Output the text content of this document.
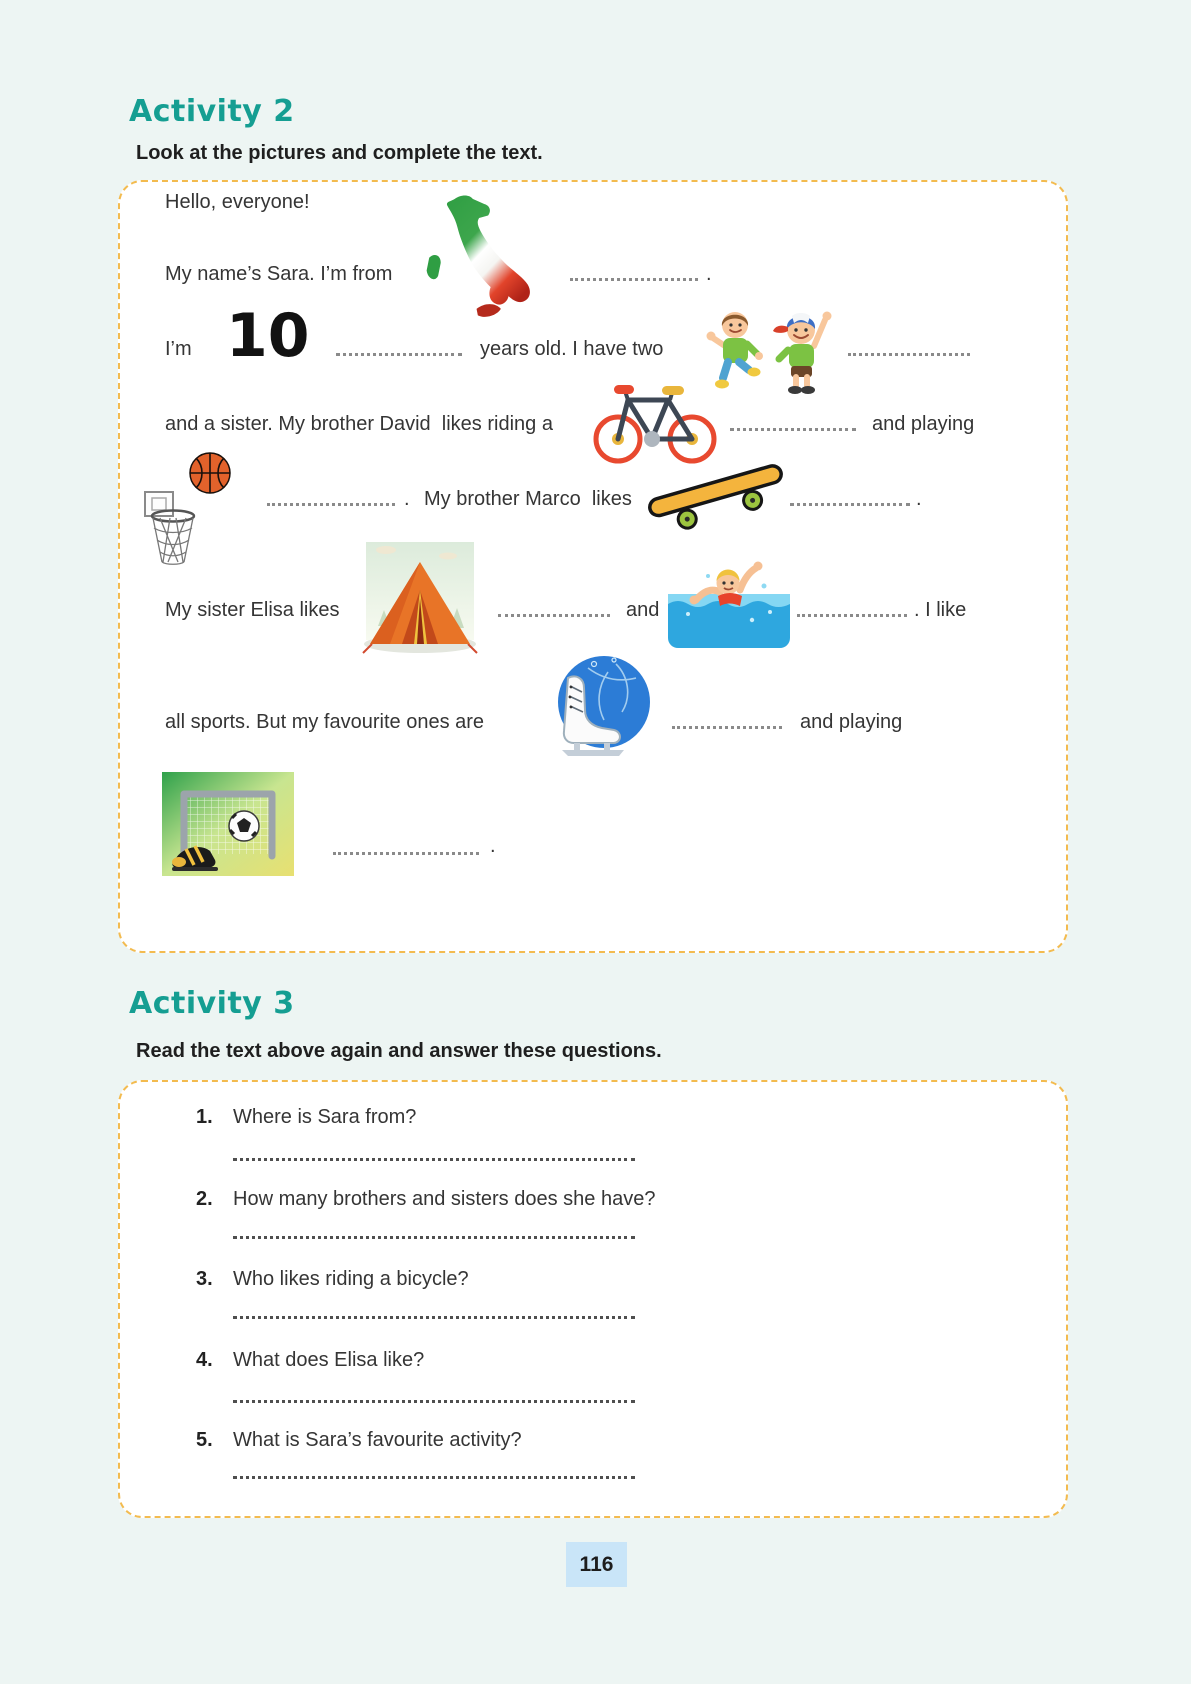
Activity 2
Look at the pictures and complete the text.
Hello, everyone!
My name’s Sara. I’m from	.
I’m 10	years old. I have two
and a sister. My brother David  likes riding a	and playing
. My brother Marco  likes	.
My sister Elisa likes	and	. I like
all sports. But my favourite ones are	and playing
.
Activity 3
Read the text above again and answer these questions.
1. Where is Sara from?
2. How many brothers and sisters does she have?
3. Who likes riding a bicycle?
4. What does Elisa like?
5. What is Sara’s favourite activity?
116
